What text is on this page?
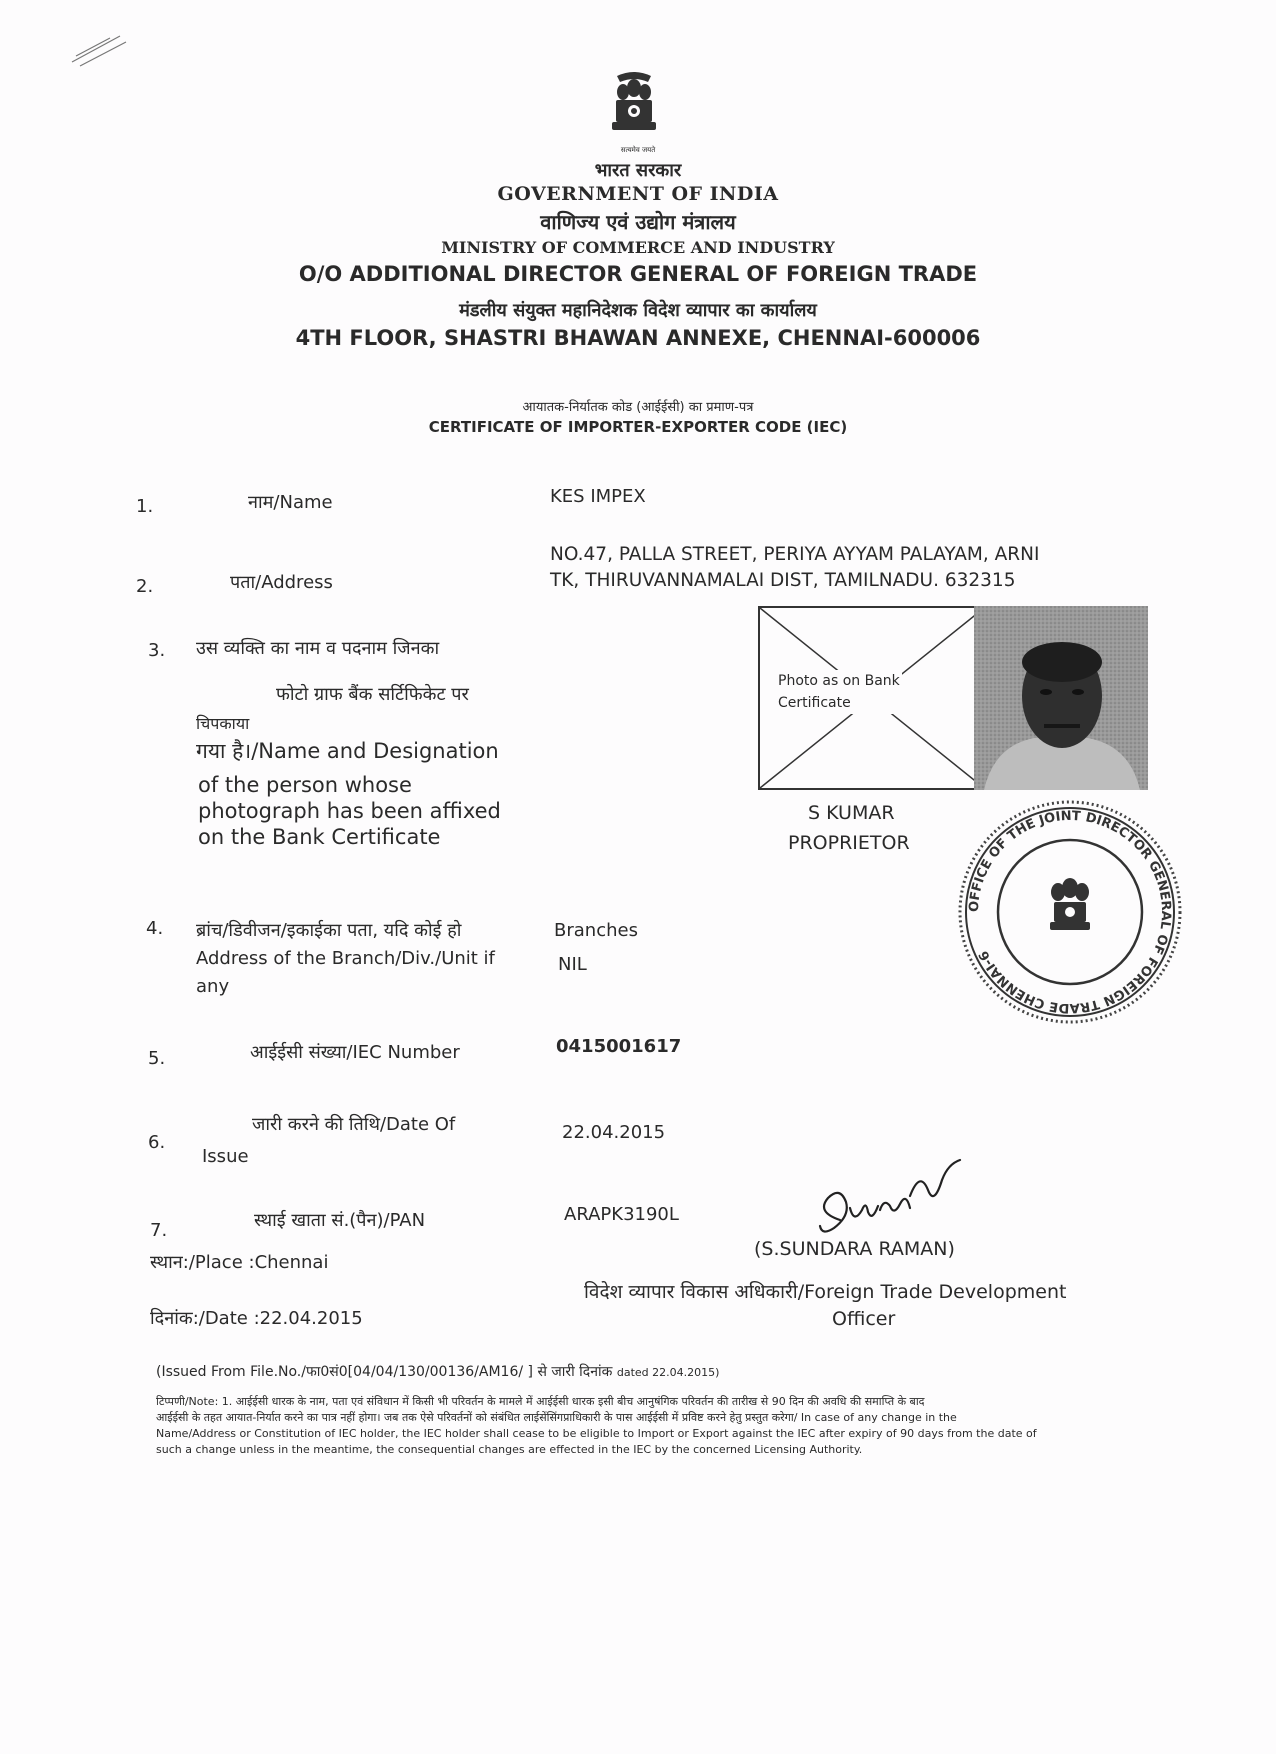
सत्यमेव जयते
भारत सरकार
GOVERNMENT OF INDIA
वाणिज्य एवं उद्योग मंत्रालय
MINISTRY OF COMMERCE AND INDUSTRY
O/O ADDITIONAL DIRECTOR GENERAL OF FOREIGN TRADE
मंडलीय संयुक्त महानिदेशक विदेश व्यापार का कार्यालय
4TH FLOOR, SHASTRI BHAWAN ANNEXE, CHENNAI-600006
आयातक-निर्यातक कोड (आईईसी) का प्रमाण-पत्र
CERTIFICATE OF IMPORTER-EXPORTER CODE (IEC)
1.	नाम/Name	KES IMPEX
2.	पता/Address
NO.47, PALLA STREET, PERIYA AYYAM PALAYAM, ARNI
TK, THIRUVANNAMALAI DIST, TAMILNADU. 632315
3. उस व्यक्ति का नाम व पदनाम जिनका
फोटो ग्राफ बैंक सर्टिफिकेट पर
चिपकाया
गया है।/Name and Designation
of the person whose
photograph has been affixed
on the Bank Certificate
Photo as on Bank
Certificate
S KUMAR
PROPRIETOR
OFFICE OF THE JOINT DIRECTOR GENERAL OF FOREIGN TRADE CHENNAI-6
4. ब्रांच/डिवीजन/इकाईका पता, यदि कोई हो
Address of the Branch/Div./Unit if
any
Branches
NIL
5.	आईईसी संख्या/IEC Number	0415001617
6.
जारी करने की तिथि/Date Of
Issue
22.04.2015
7.	स्थाई खाता सं.(पैन)/PAN	ARAPK3190L
स्थान:/Place :Chennai
दिनांक:/Date :22.04.2015
(S.SUNDARA RAMAN)
विदेश व्यापार विकास अधिकारी/Foreign Trade Development
Officer
(Issued From File.No./फा0सं0[04/04/130/00136/AM16/ ] से जारी दिनांक dated 22.04.2015)
टिप्पणी/Note: 1. आईईसी धारक के नाम, पता एवं संविधान में किसी भी परिवर्तन के मामले में आईईसी धारक इसी बीच आनुषंगिक परिवर्तन की तारीख से 90 दिन की अवधि की समाप्ति के बाद
आईईसी के तहत आयात-निर्यात करने का पात्र नहीं होगा। जब तक ऐसे परिवर्तनों को संबंधित लाईसेंसिंगप्राधिकारी के पास आईईसी में प्रविष्ट करने हेतु प्रस्तुत करेगा/ In case of any change in the
Name/Address or Constitution of IEC holder, the IEC holder shall cease to be eligible to Import or Export against the IEC after expiry of 90 days from the date of
such a change unless in the meantime, the consequential changes are effected in the IEC by the concerned Licensing Authority.
